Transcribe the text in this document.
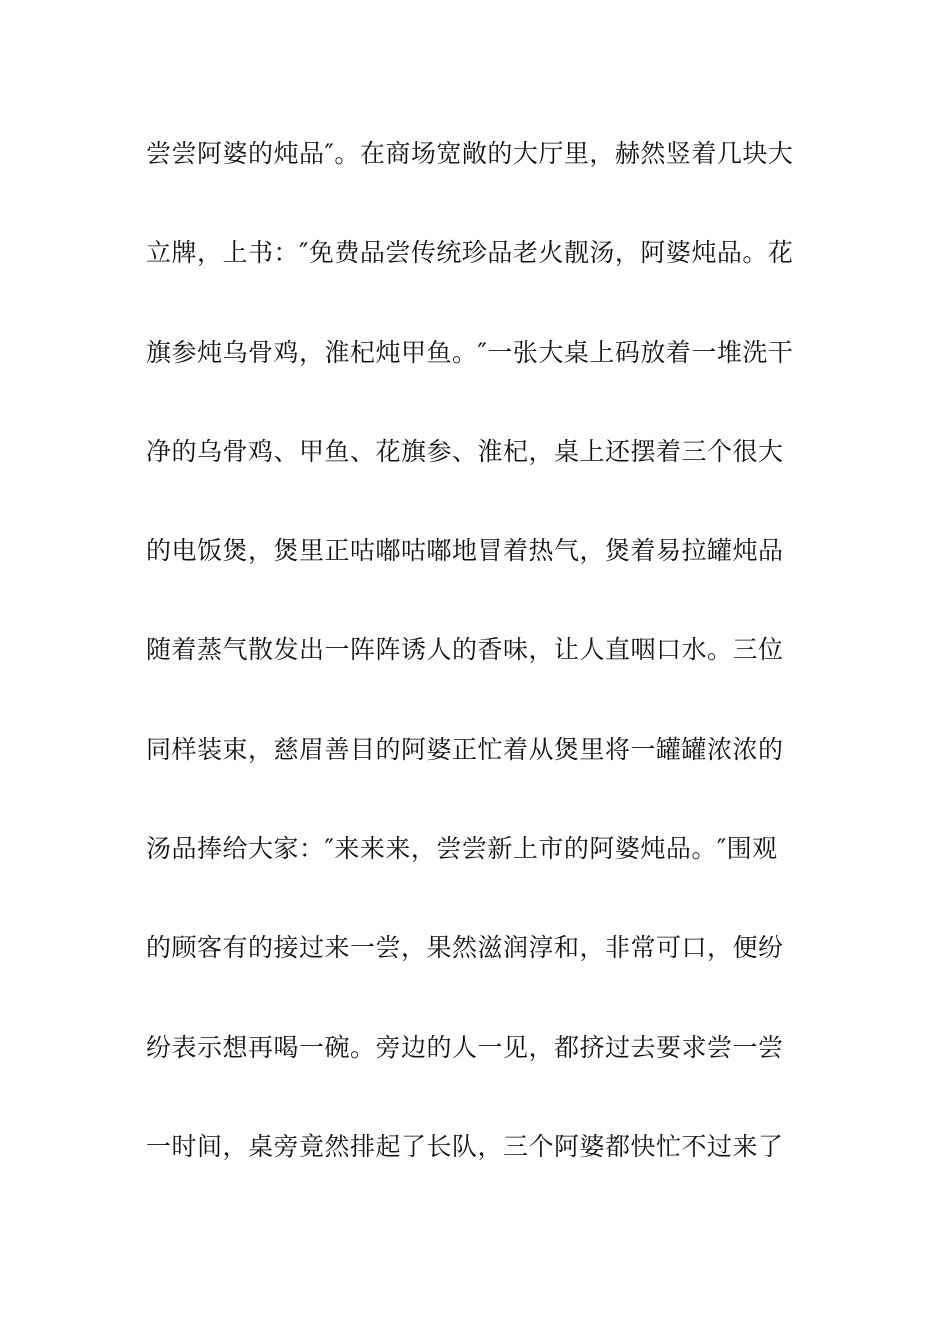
尝尝阿婆的炖品″。在商场宽敞的大厅里，赫然竖着几块大
立牌，上书：″免费品尝传统珍品老火靓汤，阿婆炖品。花
旗参炖乌骨鸡，淮杞炖甲鱼。″一张大桌上码放着一堆洗干
净的乌骨鸡、甲鱼、花旗参、淮杞，桌上还摆着三个很大
的电饭煲，煲里正咕嘟咕嘟地冒着热气，煲着易拉罐炖品
随着蒸气散发出一阵阵诱人的香味，让人直咽口水。三位
同样装束，慈眉善目的阿婆正忙着从煲里将一罐罐浓浓的
汤品捧给大家：″来来来，尝尝新上市的阿婆炖品。″围观
的顾客有的接过来一尝，果然滋润淳和，非常可口，便纷
纷表示想再喝一碗。旁边的人一见，都挤过去要求尝一尝
一时间，桌旁竟然排起了长队，三个阿婆都快忙不过来了
